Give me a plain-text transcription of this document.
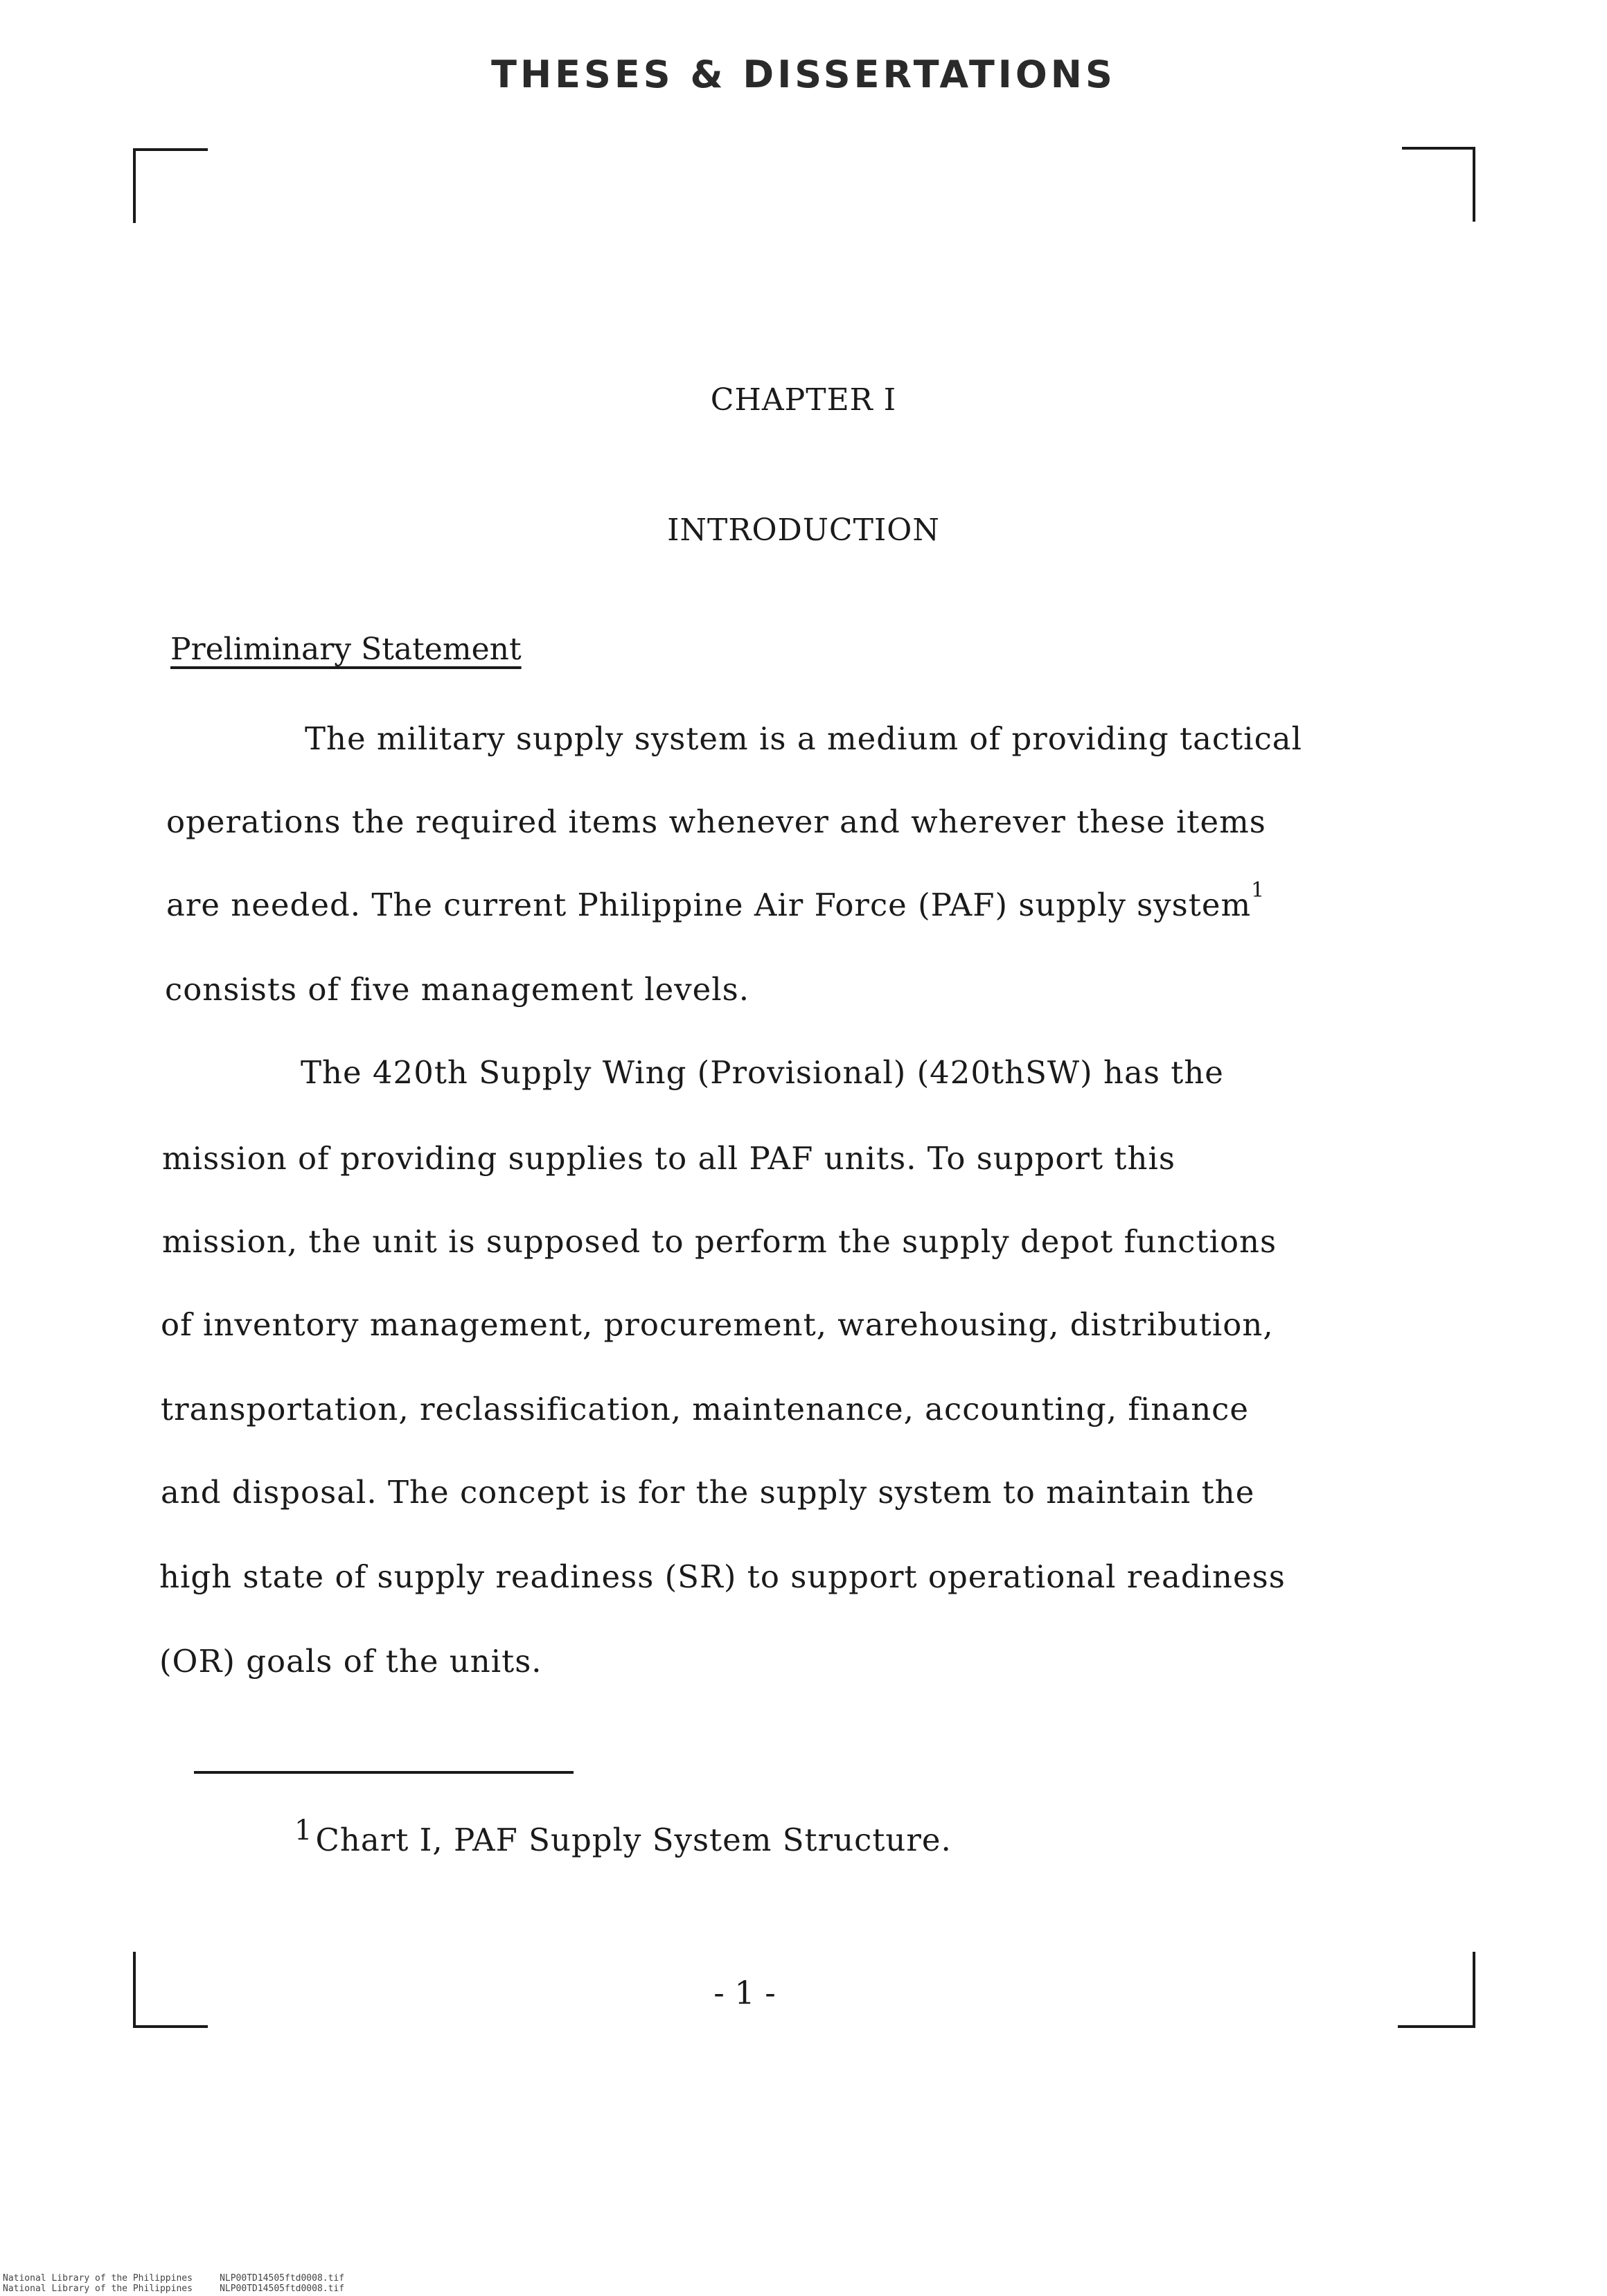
THESES & DISSERTATIONS
CHAPTER I
INTRODUCTION
Preliminary Statement
The military supply system is a medium of providing tactical
operations the required items whenever and wherever these items
are needed. The current Philippine Air Force (PAF) supply system$^1$
consists of five management levels.
The 420th Supply Wing (Provisional) (420thSW) has the
mission of providing supplies to all PAF units. To support this
mission, the unit is supposed to perform the supply depot functions
of inventory management, procurement, warehousing, distribution,
transportation, reclassification, maintenance, accounting, finance
and disposal. The concept is for the supply system to maintain the
high state of supply readiness (SR) to support operational readiness
(OR) goals of the units.
1Chart I, PAF Supply System Structure.
- 1 -
National Library of the Philippines     NLP00TD14505ftd0008.tif
National Library of the Philippines     NLP00TD14505ftd0008.tif
